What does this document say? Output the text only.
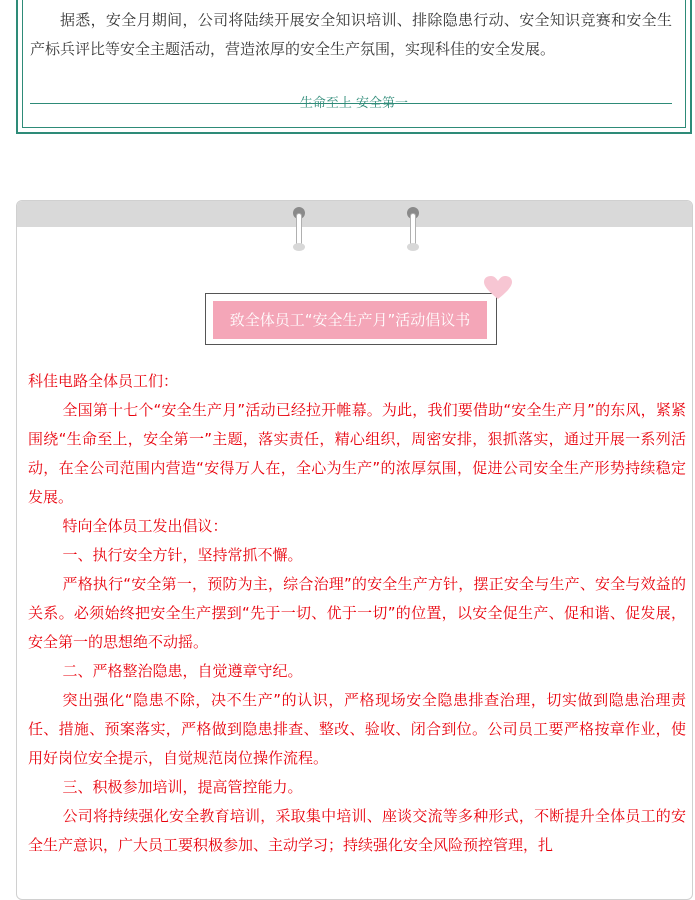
据悉，安全月期间，公司将陆续开展安全知识培训、排除隐患行动、安全知识竞赛和安全生产标兵评比等安全主题活动，营造浓厚的安全生产氛围，实现科佳的安全发展。

生命至上 安全第一
致全体员工“安全生产月”活动倡议书

科佳电路全体员工们：

全国第十七个“安全生产月”活动已经拉开帷幕。为此，我们要借助“安全生产月”的东风，紧紧围绕“生命至上，安全第一”主题，落实责任，精心组织，周密安排，狠抓落实，通过开展一系列活动，在全公司范围内营造“安得万人在，全心为生产”的浓厚氛围，促进公司安全生产形势持续稳定发展。

特向全体员工发出倡议：

一、执行安全方针，坚持常抓不懈。

严格执行“安全第一，预防为主，综合治理”的安全生产方针，摆正安全与生产、安全与效益的关系。必须始终把安全生产摆到“先于一切、优于一切”的位置，以安全促生产、促和谐、促发展，安全第一的思想绝不动摇。

二、严格整治隐患，自觉遵章守纪。

突出强化“隐患不除，决不生产”的认识，严格现场安全隐患排查治理，切实做到隐患治理责任、措施、预案落实，严格做到隐患排查、整改、验收、闭合到位。公司员工要严格按章作业，使用好岗位安全提示，自觉规范岗位操作流程。

三、积极参加培训，提高管控能力。

公司将持续强化安全教育培训，采取集中培训、座谈交流等多种形式，不断提升全体员工的安全生产意识，广大员工要积极参加、主动学习；持续强化安全风险预控管理，扎
